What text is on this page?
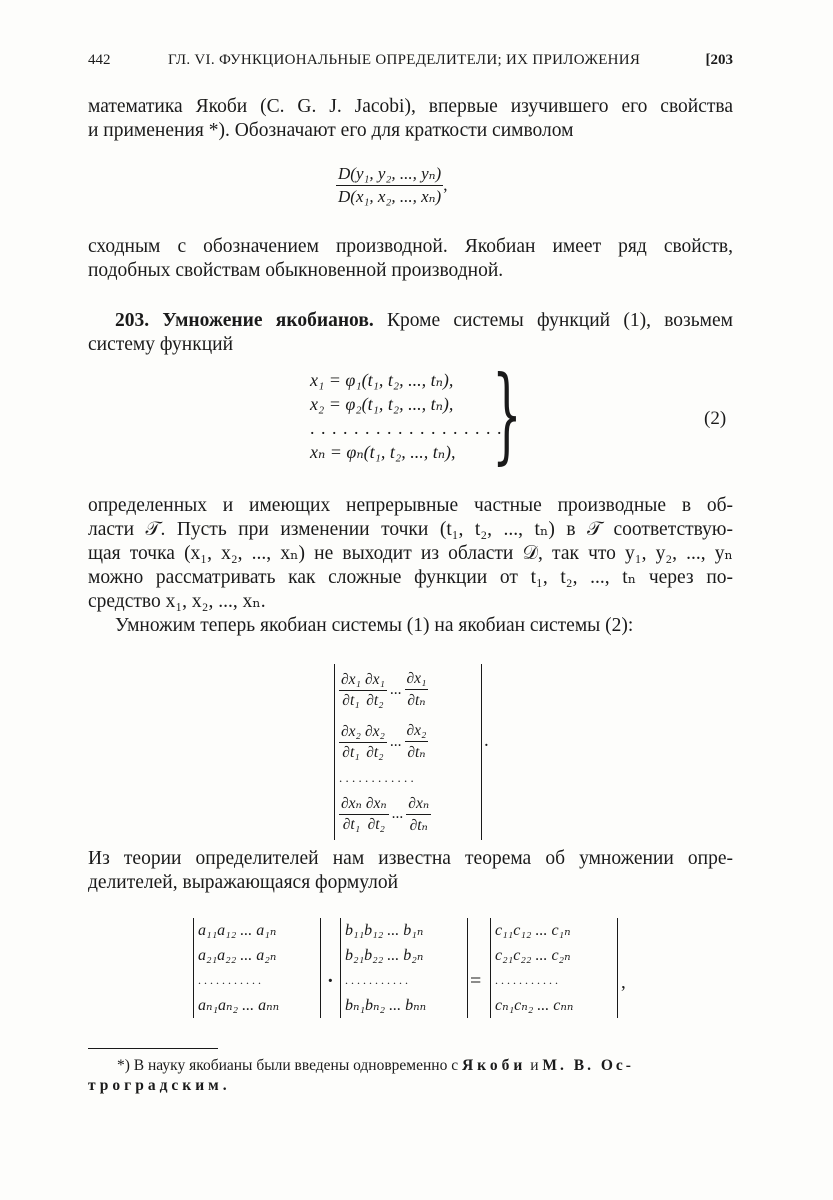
442	ГЛ. VI. ФУНКЦИОНАЛЬНЫЕ ОПРЕДЕЛИТЕЛИ; ИХ ПРИЛОЖЕНИЯ	[203
математика Якоби (C. G. J. Jacobi), впервые изучившего его свойства
и применения *). Обозначают его для краткости символом
$\frac{\text{D(y₁, y₂, ..., yₙ)}}{\text{D(x₁, x₂, ..., xₙ)}}$ ,
сходным с обозначением производной. Якобиан имеет ряд свойств,
подобных свойствам обыкновенной производной.
203. Умножение якобианов. Кроме системы функций (1), возьмем
систему функций
x₁ = φ₁(t₁, t₂, ..., tₙ),
x₂ = φ₂(t₁, t₂, ..., tₙ),
. . . . . . . . . . . . . . . . . .
xₙ = φₙ(t₁, t₂, ..., tₙ), }	(2)
определенных и имеющих непрерывные частные производные в об-
ласти 𝒯. Пусть при изменении точки (t₁, t₂, ..., tₙ) в 𝒯 соответствую-
щая точка (x₁, x₂, ..., xₙ) не выходит из области 𝒟, так что y₁, y₂, ..., yₙ
можно рассматривать как сложные функции от t₁, t₂, ..., tₙ через по-
средство x₁, x₂, ..., xₙ.
Умножим теперь якобиан системы (1) на якобиан системы (2):
$\frac{\text{∂x₁}}{\text{∂t₁}} \frac{\text{∂x₁}}{\text{∂t₂}}$ ... $\frac{\text{∂x₁}}{\text{∂tₙ}}$
$\frac{\text{∂x₂}}{\text{∂t₁}} \frac{\text{∂x₂}}{\text{∂t₂}}$ ... $\frac{\text{∂x₂}}{\text{∂tₙ}}$
. . . . . . . . . . . .
$\frac{\text{∂xₙ}}{\text{∂t₁}} \frac{\text{∂xₙ}}{\text{∂t₂}}$ ... $\frac{\text{∂xₙ}}{\text{∂tₙ}}$
.
Из теории определителей нам известна теорема об умножении опре-
делителей, выражающаяся формулой
a₁₁a₁₂ ... a₁ₙ
a₂₁a₂₂ ... a₂ₙ
. . . . . . . . . . .
aₙ₁aₙ₂ ... aₙₙ
·
b₁₁b₁₂ ... b₁ₙ
b₂₁b₂₂ ... b₂ₙ
. . . . . . . . . . .
bₙ₁bₙ₂ ... bₙₙ
=
c₁₁c₁₂ ... c₁ₙ
c₂₁c₂₂ ... c₂ₙ
. . . . . . . . . . .
cₙ₁cₙ₂ ... cₙₙ
,
*) В науку якобианы были введены одновременно с Якоби и М. В. Ос-
троградским.
